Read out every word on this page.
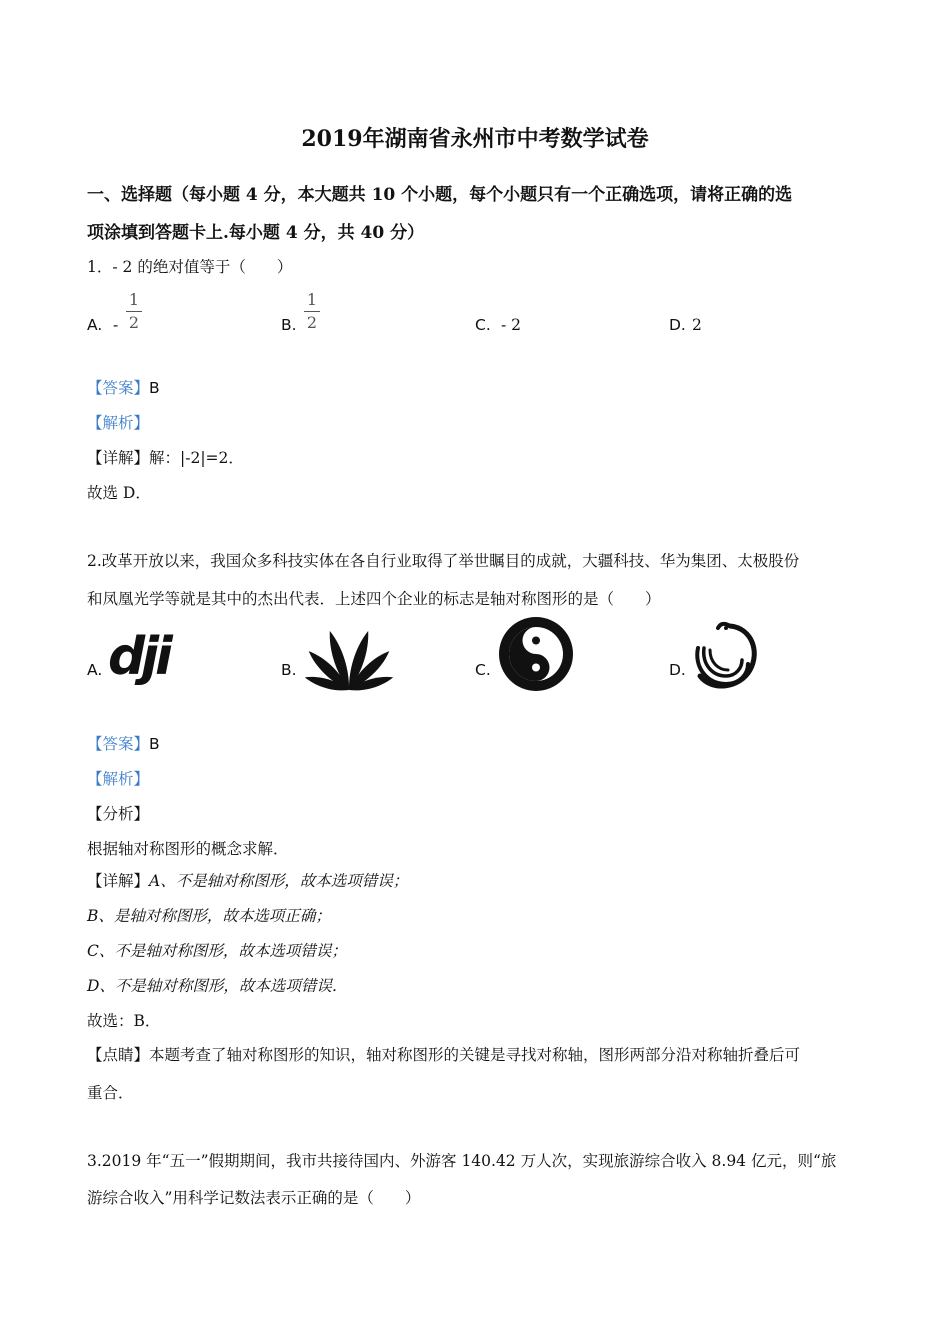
2019年湖南省永州市中考数学试卷
一、选择题（每小题 4 分，本大题共 10 个小题，每个小题只有一个正确选项，请将正确的选
项涂填到答题卡上.每小题 4 分，共 40 分）
1．- 2 的绝对值等于（　　）
A. -
1
2	B.
1
2	C. - 2	D. 2
【答案】B
【解析】
【详解】解：|-2|=2．
故选 D．
2.改革开放以来，我国众多科技实体在各自行业取得了举世瞩目的成就，大疆科技、华为集团、太极股份
和凤凰光学等就是其中的杰出代表．上述四个企业的标志是轴对称图形的是（　　）
A. dji	B.	C.	D.
【答案】B
【解析】
【分析】
根据轴对称图形的概念求解．
【详解】A、不是轴对称图形，故本选项错误；
B、是轴对称图形，故本选项正确；
C、不是轴对称图形，故本选项错误；
D、不是轴对称图形，故本选项错误．
故选：B．
【点睛】本题考查了轴对称图形的知识，轴对称图形的关键是寻找对称轴，图形两部分沿对称轴折叠后可
重合．
3.2019 年“五一”假期期间，我市共接待国内、外游客 140.42 万人次，实现旅游综合收入 8.94 亿元，则“旅
游综合收入”用科学记数法表示正确的是（　　）
